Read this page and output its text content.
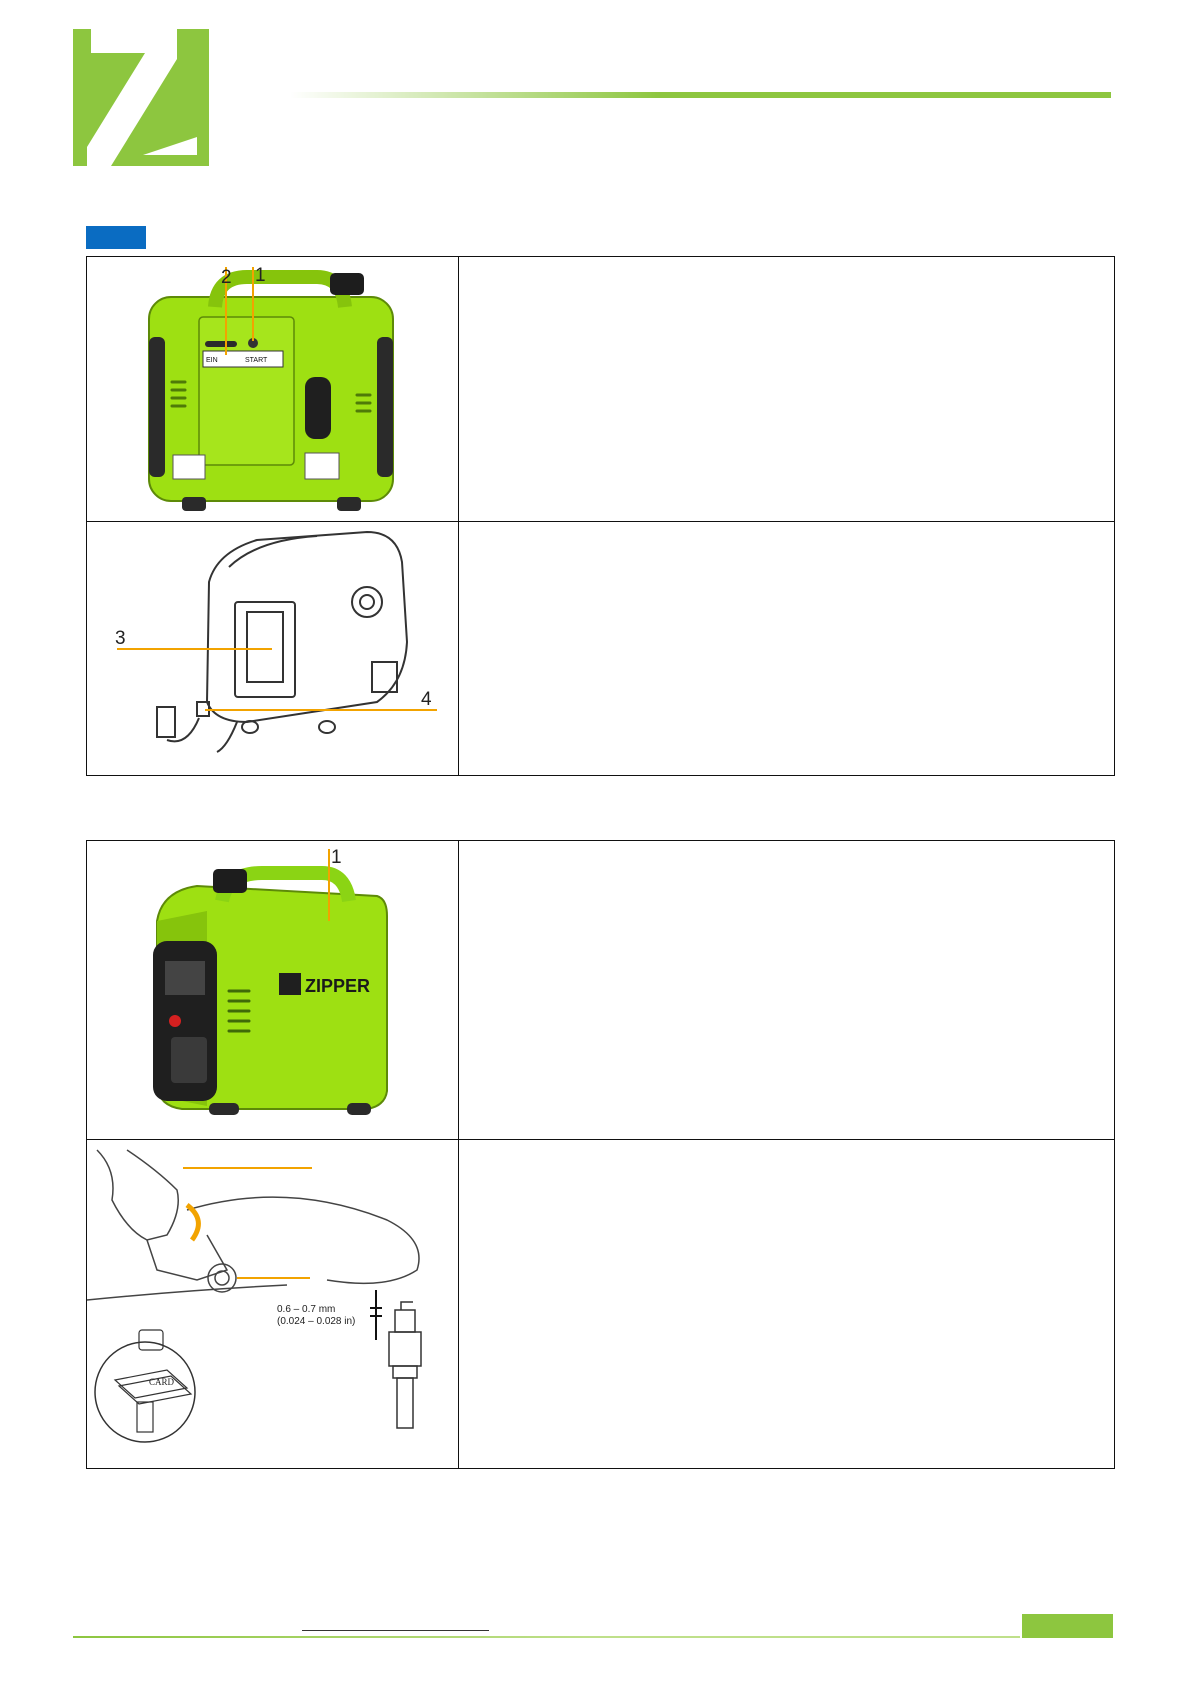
EIN START
2 1	

3
4	

ZIPPER
1	

0.6 – 0.7 mm
(0.024 – 0.028 in)
CARD	
